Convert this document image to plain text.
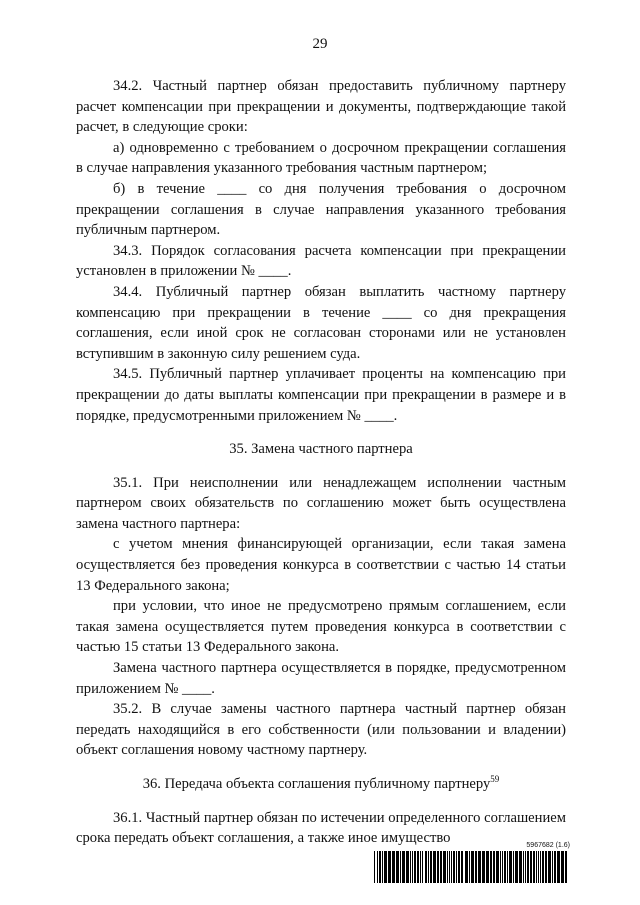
29

34.2. Частный партнер обязан предоставить публичному партнеру расчет компенсации при прекращении и документы, подтверждающие такой расчет, в следующие сроки:

а) одновременно с требованием о досрочном прекращении соглашения в случае направления указанного требования частным партнером;

б) в течение ____ со дня получения требования о досрочном прекращении соглашения в случае направления указанного требования публичным партнером.

34.3. Порядок согласования расчета компенсации при прекращении установлен в приложении № ____.

34.4. Публичный партнер обязан выплатить частному партнеру компенсацию при прекращении в течение ____ со дня прекращения соглашения, если иной срок не согласован сторонами или не установлен вступившим в законную силу решением суда.

34.5. Публичный партнер уплачивает проценты на компенсацию при прекращении до даты выплаты компенсации при прекращении в размере и в порядке, предусмотренными приложением № ____.

35. Замена частного партнера

35.1. При неисполнении или ненадлежащем исполнении частным партнером своих обязательств по соглашению может быть осуществлена замена частного партнера:

с учетом мнения финансирующей организации, если такая замена осуществляется без проведения конкурса в соответствии с частью 14 статьи 13 Федерального закона;

при условии, что иное не предусмотрено прямым соглашением, если такая замена осуществляется путем проведения конкурса в соответствии с частью 15 статьи 13 Федерального закона.

Замена частного партнера осуществляется в порядке, предусмотренном приложением № ____.

35.2. В случае замены частного партнера частный партнер обязан передать находящийся в его собственности (или пользовании и владении) объект соглашения новому частному партнеру.

36. Передача объекта соглашения публичному партнеру$^{59}$

36.1. Частный партнер обязан по истечении определенного соглашением срока передать объект соглашения, а также иное имущество	5967682 (1.6)
